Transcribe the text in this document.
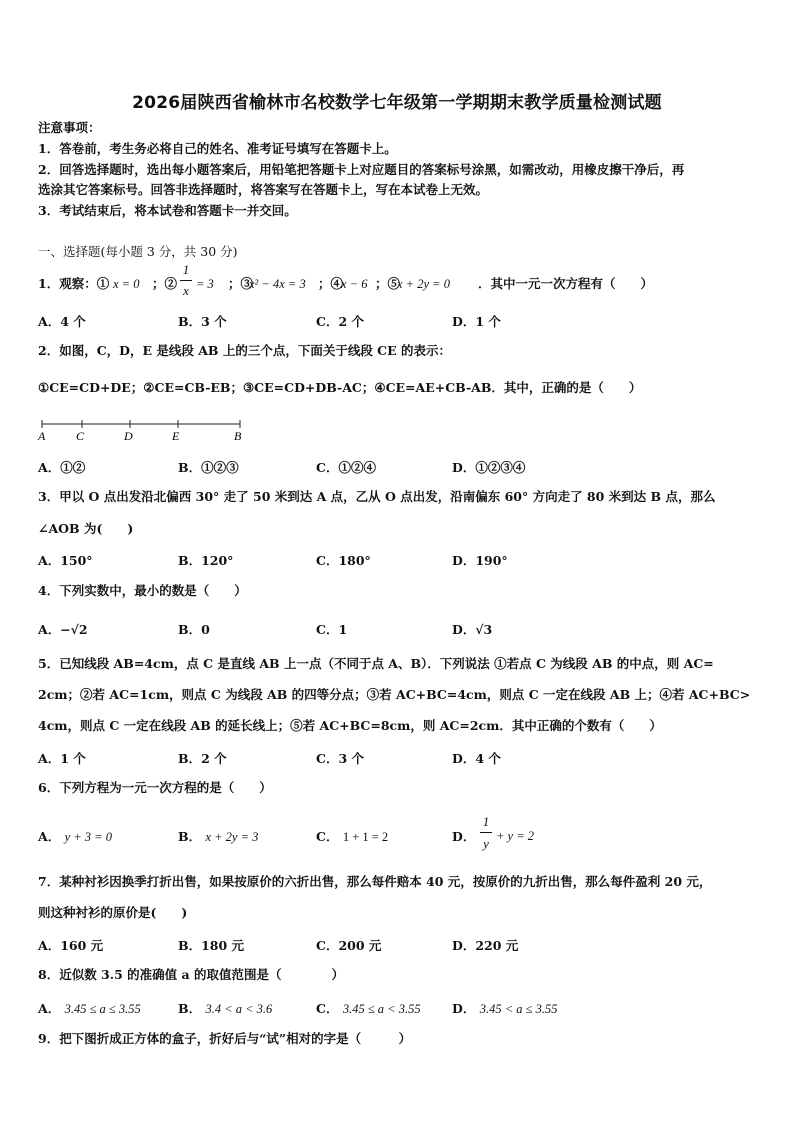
2026届陕西省榆林市名校数学七年级第一学期期末教学质量检测试题
注意事项：
1．答卷前，考生务必将自己的姓名、准考证号填写在答题卡上。
2．回答选择题时，选出每小题答案后，用铅笔把答题卡上对应题目的答案标号涂黑，如需改动，用橡皮擦干净后，再
选涂其它答案标号。回答非选择题时，将答案写在答题卡上，写在本试卷上无效。
3．考试结束后，将本试卷和答题卡一并交回。
一、选择题(每小题 3 分，共 30 分)
1．观察：① x = 0 ；②
1
x = 3 ；③
x² − 4x = 3 ；④
x − 6 ；⑤
x + 2y = 0 ．其中一元一次方程有（　　）
A．4 个	B．3 个	C．2 个	D．1 个
2．如图，C，D，E 是线段 AB 上的三个点，下面关于线段 CE 的表示：
①CE=CD+DE；②CE=CB-EB；③CE=CD+DB-AC；④CE=AE+CB-AB．其中，正确的是（　　）
A	C	D	E	B
A．①②	B．①②③	C．①②④	D．①②③④
3．甲以 O 点出发沿北偏西 30° 走了 50 米到达 A 点，乙从 O 点出发，沿南偏东 60° 方向走了 80 米到达 B 点，那么
∠AOB 为(　　)
A．150°	B．120°	C．180°	D．190°
4．下列实数中，最小的数是（　　）
A．−√2	B．0	C．1	D．√3
5．已知线段 AB=4cm，点 C 是直线 AB 上一点（不同于点 A、B）．下列说法 ①若点 C 为线段 AB 的中点，则 AC=
2cm；②若 AC=1cm，则点 C 为线段 AB 的四等分点；③若 AC+BC=4cm，则点 C 一定在线段 AB 上；④若 AC+BC>
4cm，则点 C 一定在线段 AB 的延长线上；⑤若 AC+BC=8cm，则 AC=2cm．其中正确的个数有（　　）
A．1 个	B．2 个	C．3 个	D．4 个
6．下列方程为一元一次方程的是（　　）
A． y + 3 = 0	B． x + 2y = 3	C． 1 + 1 = 2	D．
1
y + y = 2
7．某种衬衫因换季打折出售，如果按原价的六折出售，那么每件赔本 40 元，按原价的九折出售，那么每件盈利 20 元，
则这种衬衫的原价是(　　)
A．160 元	B．180 元	C．200 元	D．220 元
8．近似数 3.5 的准确值 a 的取值范围是（　　　　）
A． 3.45 ≤ a ≤ 3.55	B． 3.4 < a < 3.6	C． 3.45 ≤ a < 3.55	D． 3.45 < a ≤ 3.55
9．把下图折成正方体的盒子，折好后与“试”相对的字是（　　　）
